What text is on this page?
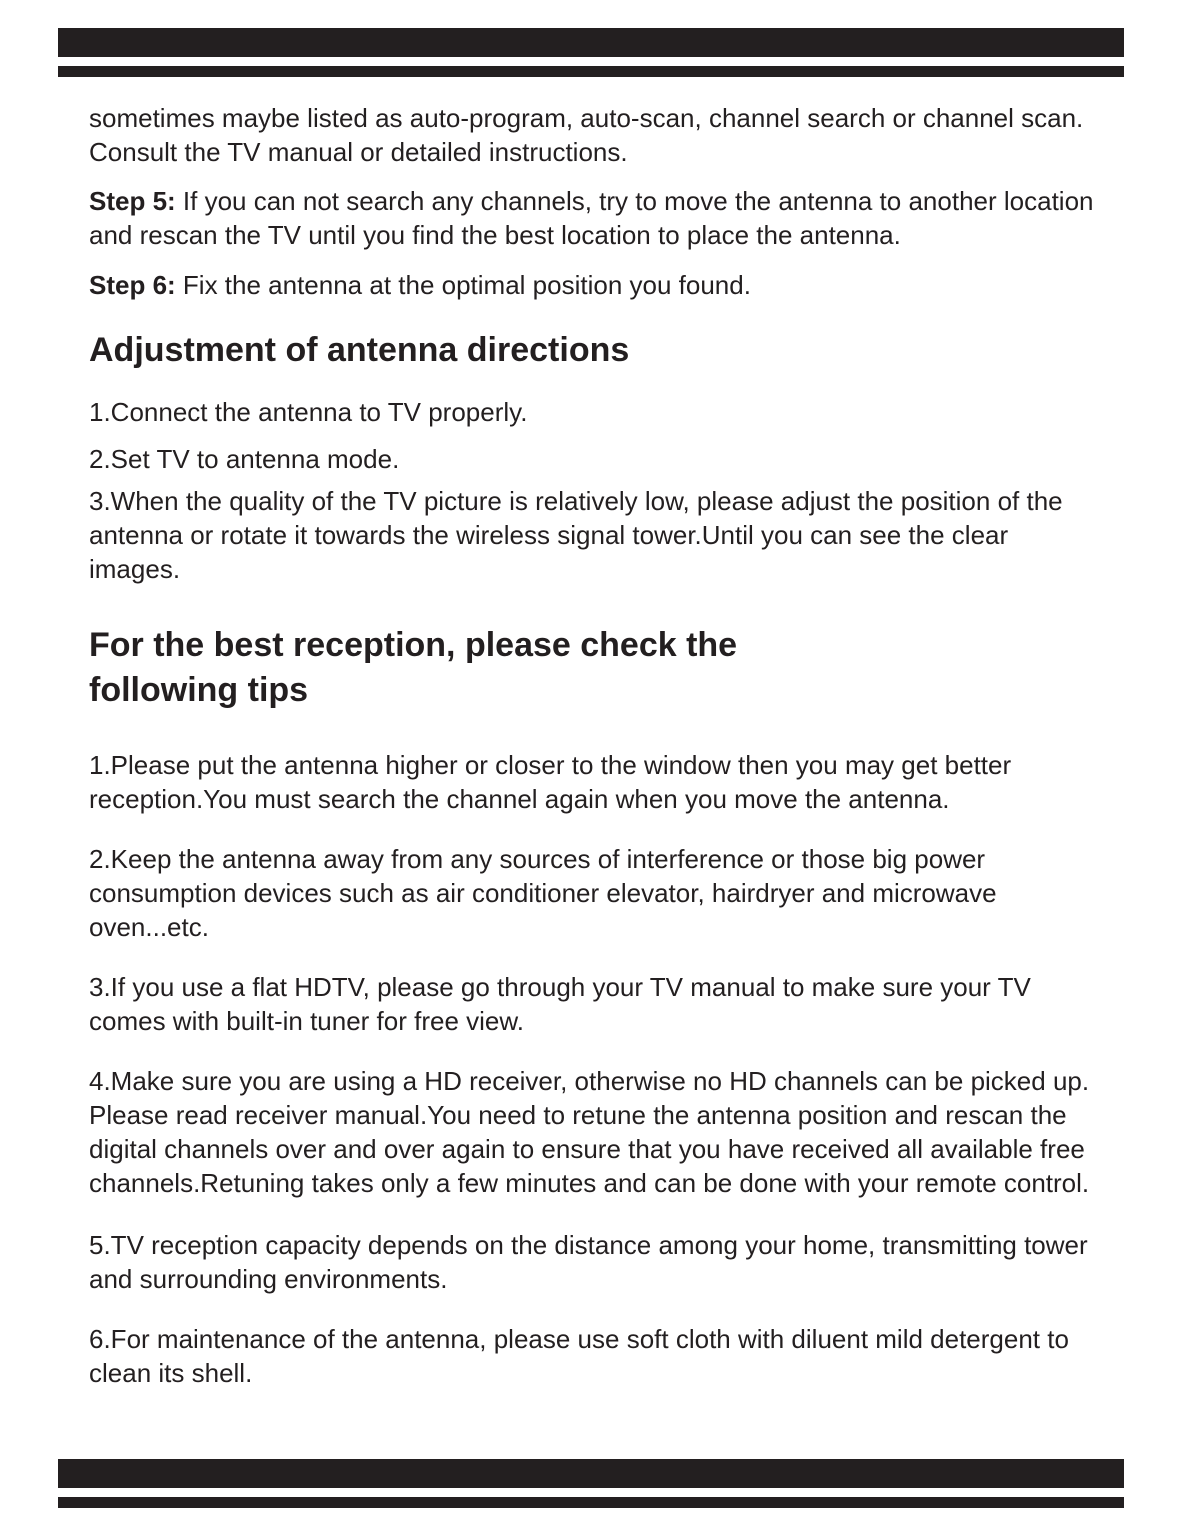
sometimes maybe listed as auto-program, auto-scan, channel search or channel scan. Consult the TV manual or detailed instructions.

Step 5: If you can not search any channels, try to move the antenna to another location and rescan the TV until you find the best location to place the antenna.

Step 6: Fix the antenna at the optimal position you found.

Adjustment of antenna directions

1.Connect the antenna to TV properly.

2.Set TV to antenna mode.

3.When the quality of the TV picture is relatively low, please adjust the position of the antenna or rotate it towards the wireless signal tower.Until you can see the clear images.

For the best reception, please check the
following tips

1.Please put the antenna higher or closer to the window then you may get better reception.You must search the channel again when you move the antenna.

2.Keep the antenna away from any sources of interference or those big power consumption devices such as air conditioner elevator, hairdryer and microwave oven...etc.

3.If you use a flat HDTV, please go through your TV manual to make sure your TV comes with built-in tuner for free view.

4.Make sure you are using a HD receiver, otherwise no HD channels can be picked up. Please read receiver manual.You need to retune the antenna position and rescan the digital channels over and over again to ensure that you have received all available free channels.Retuning takes only a few minutes and can be done with your remote control.

5.TV reception capacity depends on the distance among your home, transmitting tower and surrounding environments.

6.For maintenance of the antenna, please use soft cloth with diluent mild detergent to clean its shell.
